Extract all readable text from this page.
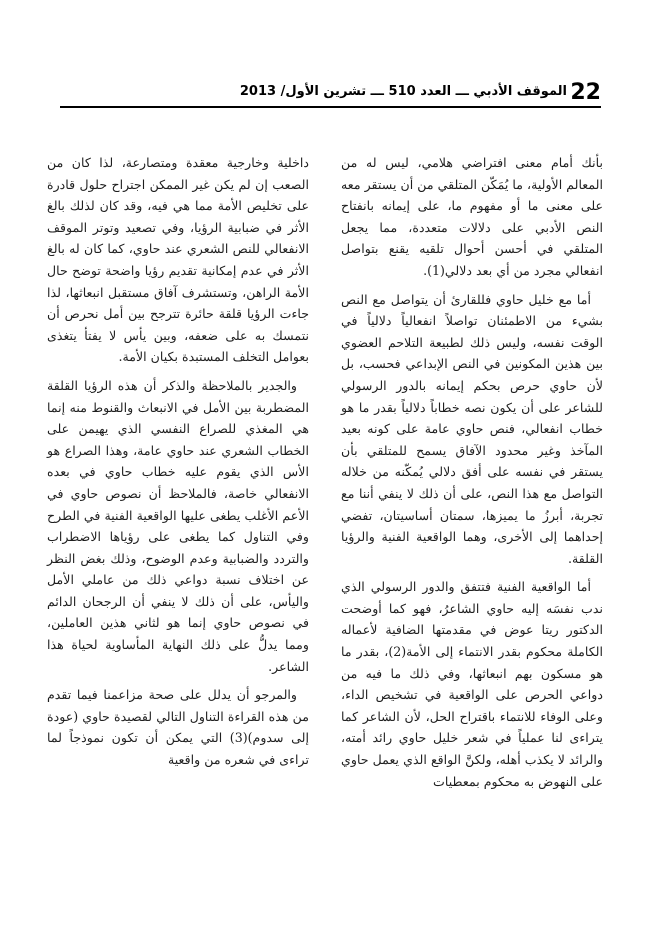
22
الموقف الأدبي ـــ العدد 510 ـــ تشرين الأول/ 2013

بأنك أمام معنى افتراضي هلامي، ليس له من المعالم الأولية، ما يُمَكّن المتلقي من أن يستقر معه على معنى ما أو مفهوم ما، على إيمانه بانفتاح النص الأدبي على دلالات متعددة، مما يجعل المتلقي في أحسن أحوال تلقيه يقنع بتواصل انفعالي مجرد من أي بعد دلالي(1).

أما مع خليل حاوي فللقارئ أن يتواصل مع النص بشيء من الاطمئنان تواصلاً انفعالياً دلالياً في الوقت نفسه، وليس ذلك لطبيعة التلاحم العضوي بين هذين المكونين في النص الإبداعي فحسب، بل لأن حاوي حرص بحكم إيمانه بالدور الرسولي للشاعر على أن يكون نصه خطاباً دلالياً بقدر ما هو خطاب انفعالي، فنص حاوي عامة على كونه بعيد المآخذ وغير محدود الآفاق يسمح للمتلقي بأن يستقر في نفسه على أفق دلالي يُمكّنه من خلاله التواصل مع هذا النص، على أن ذلك لا ينفي أننا مع تجربة، أبرزُ ما يميزها، سمتان أساسيتان، تفضي إحداهما إلى الأخرى، وهما الواقعية الفنية والرؤيا القلقة.

أما الواقعية الفنية فتتفق والدور الرسولي الذي ندب نفسَه إليه حاوي الشاعرُ، فهو كما أوضحت الدكتور ريتا عوض في مقدمتها الضافية لأعماله الكاملة محكوم بقدر الانتماء إلى الأمة(2)، بقدر ما هو مسكون بهم انبعاثها، وفي ذلك ما فيه من دواعي الحرص على الواقعية في تشخيص الداء، وعلى الوفاء للانتماء باقتراح الحل، لأن الشاعر كما يتراءى لنا عملياً في شعر خليل حاوي رائد أمته، والرائد لا يكذب أهله، ولكنَّ الواقع الذي يعمل حاوي على النهوض به محكوم بمعطيات

داخلية وخارجية معقدة ومتصارعة، لذا كان من الصعب إن لم يكن غير الممكن اجتراح حلول قادرة على تخليص الأمة مما هي فيه، وقد كان لذلك بالغ الأثر في ضبابية الرؤيا، وفي تصعيد وتوتر الموقف الانفعالي للنص الشعري عند حاوي، كما كان له بالغ الأثر في عدم إمكانية تقديم رؤيا واضحة توضح حال الأمة الراهن، وتستشرف آفاق مستقبل انبعاثها، لذا جاءت الرؤيا قلقة حائرة تترجح بين أمل نحرص أن نتمسك به على ضعفه، وبين يأس لا يفتأ يتغذى بعوامل التخلف المستبدة بكيان الأمة.

والجدير بالملاحظة والذكر أن هذه الرؤيا القلقة المضطربة بين الأمل في الانبعاث والقنوط منه إنما هي المغذي للصراع النفسي الذي يهيمن على الخطاب الشعري عند حاوي عامة، وهذا الصراع هو الأس الذي يقوم عليه خطاب حاوي في بعده الانفعالي خاصة، فالملاحظ أن نصوص حاوي في الأعم الأغلب يطغى عليها الواقعية الفنية في الطرح وفي التناول كما يطغى على رؤياها الاضطراب والتردد والضبابية وعدم الوضوح، وذلك بغض النظر عن اختلاف نسبة دواعي ذلك من عاملي الأمل واليأس، على أن ذلك لا ينفي أن الرجحان الدائم في نصوص حاوي إنما هو لثاني هذين العاملين، ومما يدلُّ على ذلك النهاية المأساوية لحياة هذا الشاعر.

والمرجو أن يدلل على صحة مزاعمنا فيما تقدم من هذه القراءة التناول التالي لقصيدة حاوي (عودة إلى سدوم)(3) التي يمكن أن تكون نموذجاً لما تراءى في شعره من واقعية
